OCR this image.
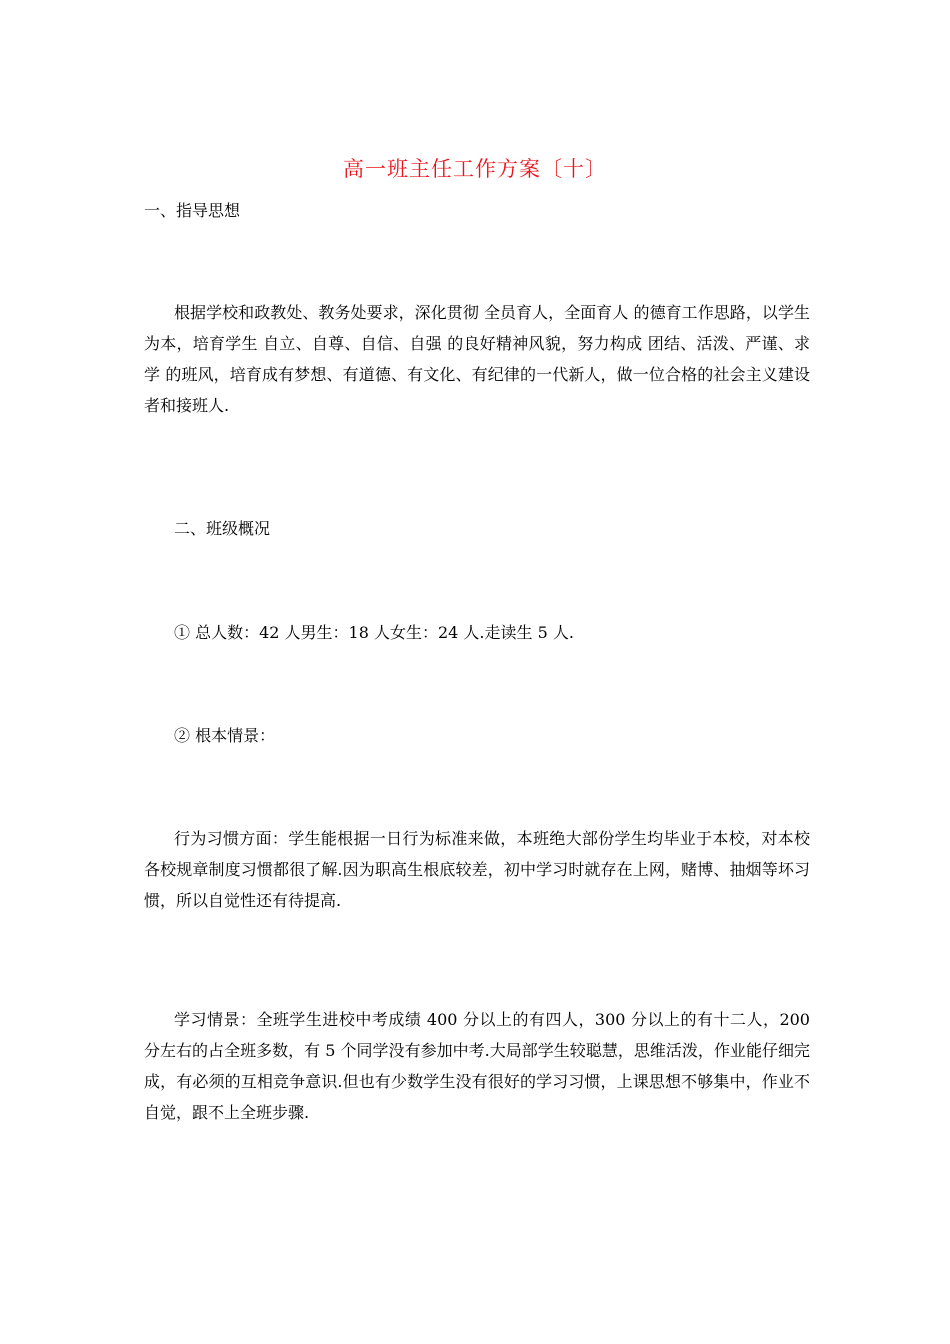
高一班主任工作方案〔十〕
一、指导思想
根据学校和政教处、教务处要求，深化贯彻 全员育人，全面育人 的德育工作思路，以学生为本，培育学生 自立、自尊、自信、自强 的良好精神风貌，努力构成 团结、活泼、严谨、求学 的班风，培育成有梦想、有道德、有文化、有纪律的一代新人，做一位合格的社会主义建设者和接班人.
二、班级概况
① 总人数：42 人男生：18 人女生：24 人.走读生 5 人.
② 根本情景：
行为习惯方面：学生能根据一日行为标准来做，本班绝大部份学生均毕业于本校，对本校各校规章制度习惯都很了解.因为职高生根底较差，初中学习时就存在上网，赌博、抽烟等坏习惯，所以自觉性还有待提高.
学习情景：全班学生进校中考成绩 400 分以上的有四人，300 分以上的有十二人，200 分左右的占全班多数，有 5 个同学没有参加中考.大局部学生较聪慧，思维活泼，作业能仔细完成，有必须的互相竞争意识.但也有少数学生没有很好的学习习惯，上课思想不够集中，作业不自觉，跟不上全班步骤.
